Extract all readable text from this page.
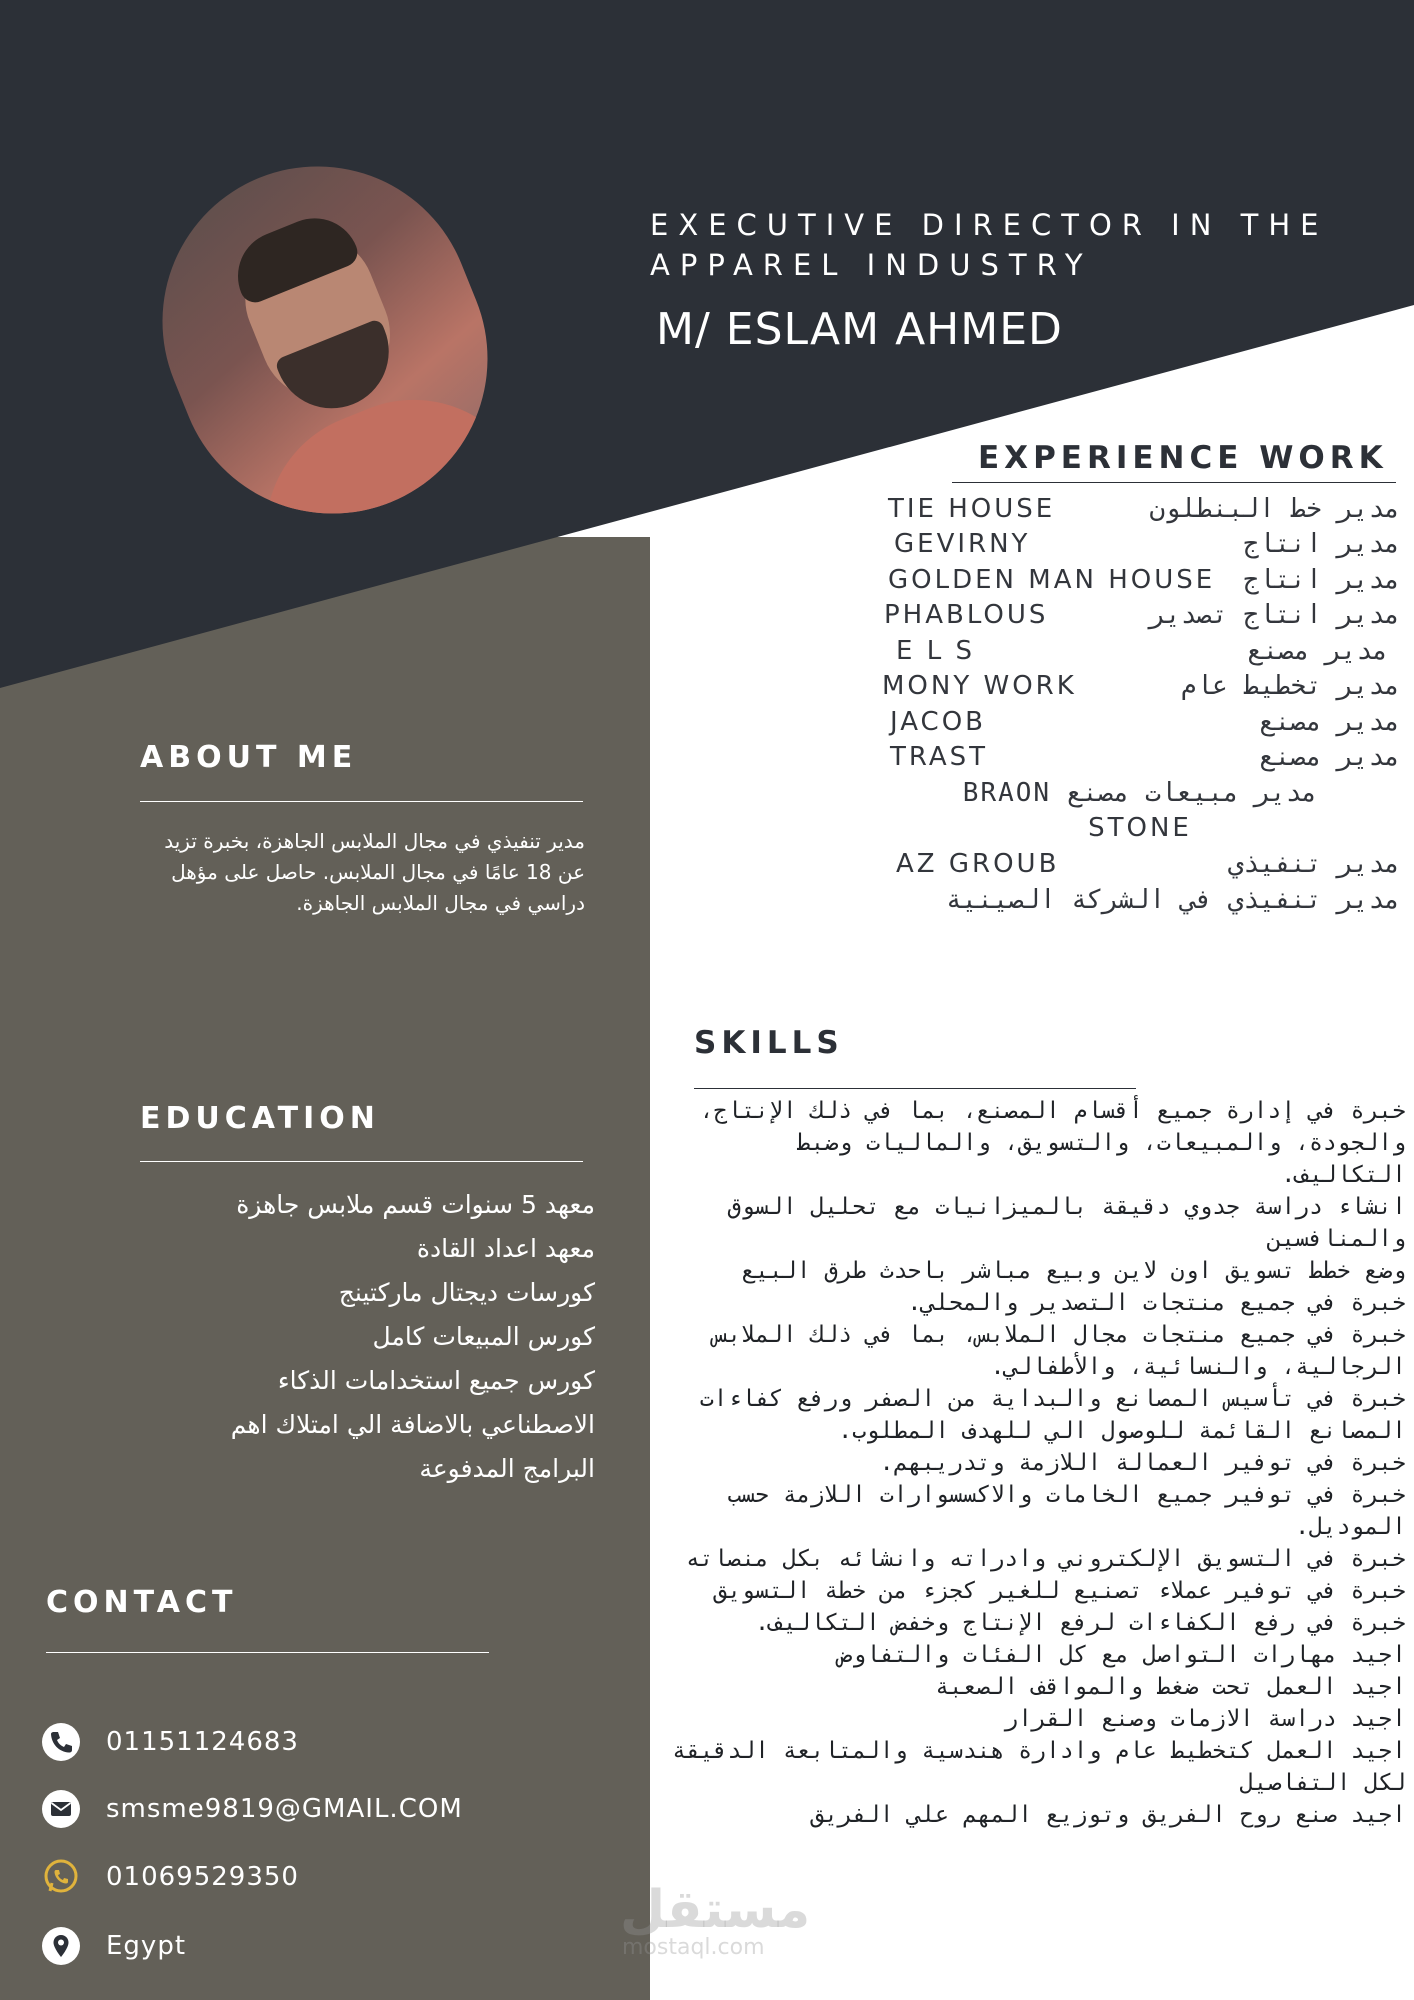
EXECUTIVE DIRECTOR IN THE
APPAREL INDUSTRY
M/ ESLAM AHMED
EXPERIENCE WORK
TIE HOUSE	مدير خط البنطلون
GEVIRNY	مدير انتاج
GOLDEN MAN HOUSE مدير انتاج
PHABLOUS	مدير انتاج تصدير
E L S	مدير مصنع
MONY WORK	مدير تخطيط عام
JACOB	مدير مصنع
TRAST	مدير مصنع
مدير مبيعات مصنع BRAON
STONE
AZ GROUB	مدير تنفيذي
مدير تنفيذي في الشركة الصينية
ABOUT ME
مدير تنفيذي في مجال الملابس الجاهزة، بخبرة تزيد عن 18 عامًا في مجال الملابس. حاصل على مؤهل دراسي في مجال الملابس الجاهزة.
EDUCATION
معهد 5 سنوات قسم ملابس جاهزة
معهد اعداد القادة
كورسات ديجتال ماركتينج
كورس المبيعات كامل
كورس جميع استخدامات الذكاء
الاصطناعي بالاضافة الي امتلاك اهم
البرامج المدفوعة
CONTACT
01151124683
smsme9819@GMAIL.COM
01069529350
Egypt
SKILLS
خبرة في إدارة جميع أقسام المصنع، بما في ذلك الإنتاج، والجودة، والمبيعات، والتسويق، والماليات وضبط التكاليف.
انشاء دراسة جدوي دقيقة بالميزانيات مع تحليل السوق والمنافسين
وضع خطط تسويق اون لاين وبيع مباشر باحدث طرق البيع
خبرة في جميع منتجات التصدير والمحلي.
خبرة في جميع منتجات مجال الملابس، بما في ذلك الملابس الرجالية، والنسائية، والأطفالي.
خبرة في تأسيس المصانع والبداية من الصفر ورفع كفاءات المصانع القائمة للوصول الي للهدف المطلوب.
خبرة في توفير العمالة اللازمة وتدريبهم.
خبرة في توفير جميع الخامات والاكسسوارات اللازمة حسب الموديل.
خبرة في التسويق الإلكتروني وادراته وانشائه بكل منصاته
خبرة في توفير عملاء تصنيع للغير كجزء من خطة التسويق
خبرة في رفع الكفاءات لرفع الإنتاج وخفض التكاليف.
اجيد مهارات التواصل مع كل الفئات والتفاوض
اجيد العمل تحت ضغط والمواقف الصعبة
اجيد دراسة الازمات وصنع القرار
اجيد العمل كتخطيط عام وادارة هندسية والمتابعة الدقيقة لكل التفاصيل
اجيد صنع روح الفريق وتوزيع المهم علي الفريق
مستقل
mostaql.com
